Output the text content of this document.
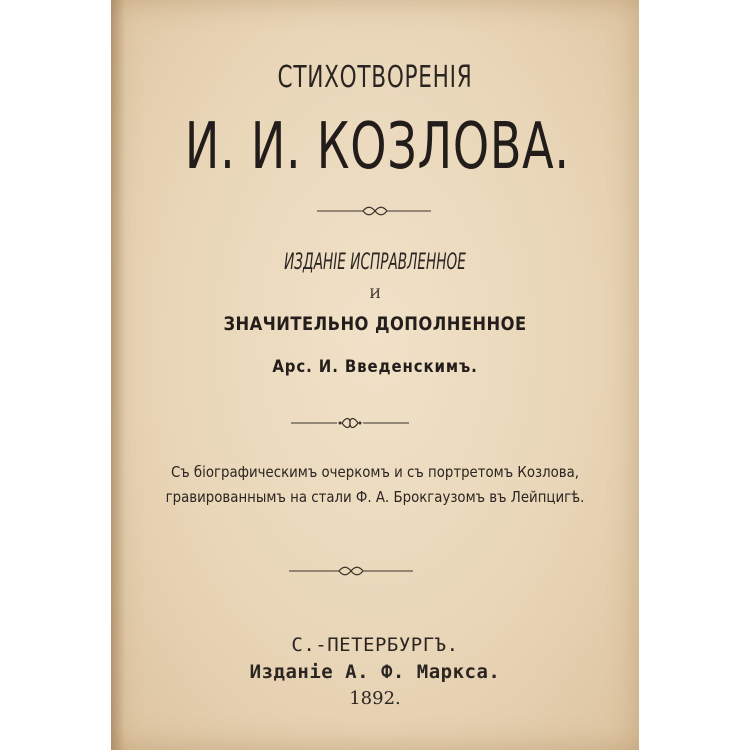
СТИХОТВОРЕНІЯ
И. И. КОЗЛОВА.
ИЗДАНІЕ ИСПРАВЛЕННОЕ
И
ЗНАЧИТЕЛЬНО ДОПОЛНЕННОЕ
Арс. И. Введенскимъ.
Съ біографическимъ очеркомъ и съ портретомъ Козлова,
гравированнымъ на стали Ф. А. Брокгаузомъ въ Лейпцигѣ.
С.-ПЕТЕРБУРГЪ.
Изданіе А. Ф. Маркса.
1892.
